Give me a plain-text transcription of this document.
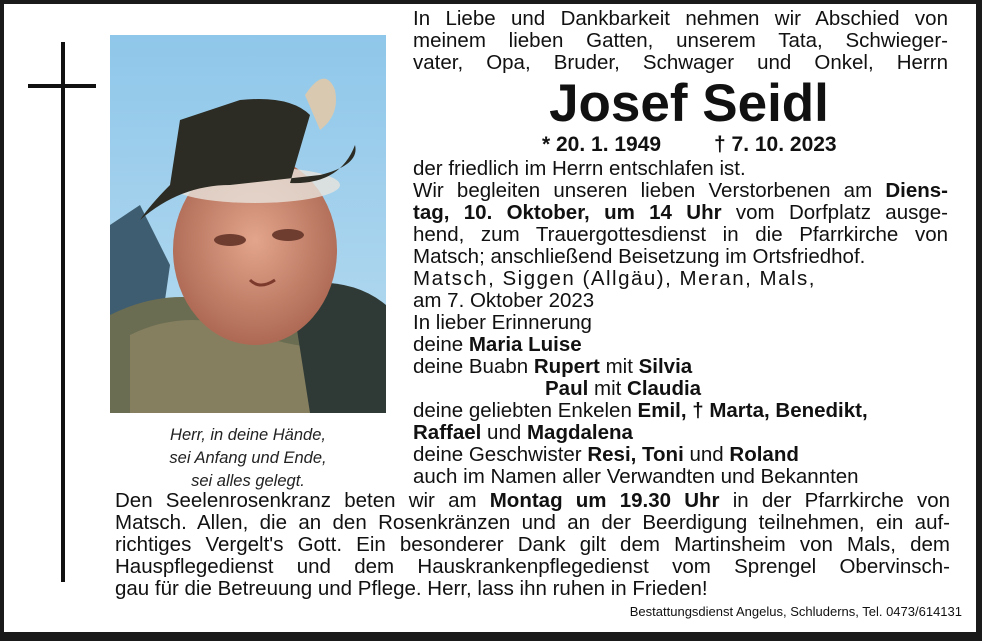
Herr, in deine Hände,
sei Anfang und Ende,
sei alles gelegt.
Josef Seidl
* 20. 1. 1949	† 7. 10. 2023
In Liebe und Dankbarkeit nehmen wir Abschied von
meinem lieben Gatten, unserem Tata, Schwieger-
vater, Opa, Bruder, Schwager und Onkel, Herrn
der friedlich im Herrn entschlafen ist.
Wir begleiten unseren lieben Verstorbenen am Diens-
tag, 10. Oktober, um 14 Uhr vom Dorfplatz ausge-
hend, zum Trauergottesdienst in die Pfarrkirche von
Matsch; anschließend Beisetzung im Ortsfriedhof.
Matsch, Siggen (Allgäu), Meran, Mals,
am 7. Oktober 2023
In lieber Erinnerung
deine Maria Luise
deine Buabn Rupert mit Silvia
Paul mit Claudia
deine geliebten Enkelen Emil, † Marta, Benedikt,
Raffael und Magdalena
deine Geschwister Resi, Toni und Roland
auch im Namen aller Verwandten und Bekannten
Den Seelenrosenkranz beten wir am Montag um 19.30 Uhr in der Pfarrkirche von
Matsch. Allen, die an den Rosenkränzen und an der Beerdigung teilnehmen, ein auf-
richtiges Vergelt's Gott. Ein besonderer Dank gilt dem Martinsheim von Mals, dem
Hauspflegedienst und dem Hauskrankenpflegedienst vom Sprengel Obervinsch-
gau für die Betreuung und Pflege. Herr, lass ihn ruhen in Frieden!
Bestattungsdienst Angelus, Schluderns, Tel. 0473/614131
